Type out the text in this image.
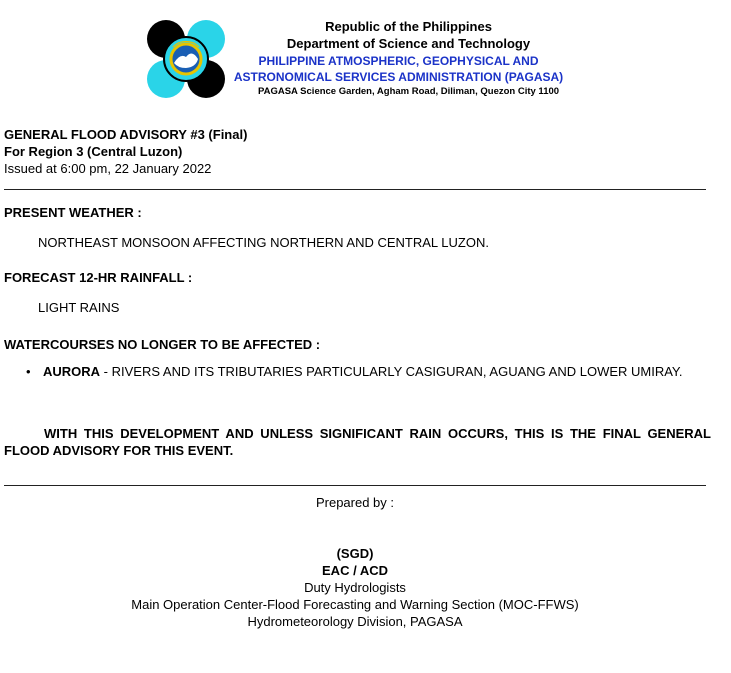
Republic of the Philippines
Department of Science and Technology
PHILIPPINE ATMOSPHERIC, GEOPHYSICAL AND
ASTRONOMICAL SERVICES ADMINISTRATION (PAGASA)
PAGASA Science Garden, Agham Road, Diliman, Quezon City 1100
GENERAL FLOOD ADVISORY #3 (Final)
For Region 3 (Central Luzon)
Issued at 6:00 pm, 22 January 2022
PRESENT WEATHER :
NORTHEAST MONSOON AFFECTING NORTHERN AND CENTRAL LUZON.
FORECAST 12-HR RAINFALL :
LIGHT RAINS
WATERCOURSES NO LONGER TO BE AFFECTED :
• AURORA - RIVERS AND ITS TRIBUTARIES PARTICULARLY CASIGURAN, AGUANG AND LOWER UMIRAY.
WITH THIS DEVELOPMENT AND UNLESS SIGNIFICANT RAIN OCCURS, THIS IS THE FINAL GENERAL FLOOD ADVISORY FOR THIS EVENT.
Prepared by :
(SGD)
EAC / ACD
Duty Hydrologists
Main Operation Center-Flood Forecasting and Warning Section (MOC-FFWS)
Hydrometeorology Division, PAGASA
